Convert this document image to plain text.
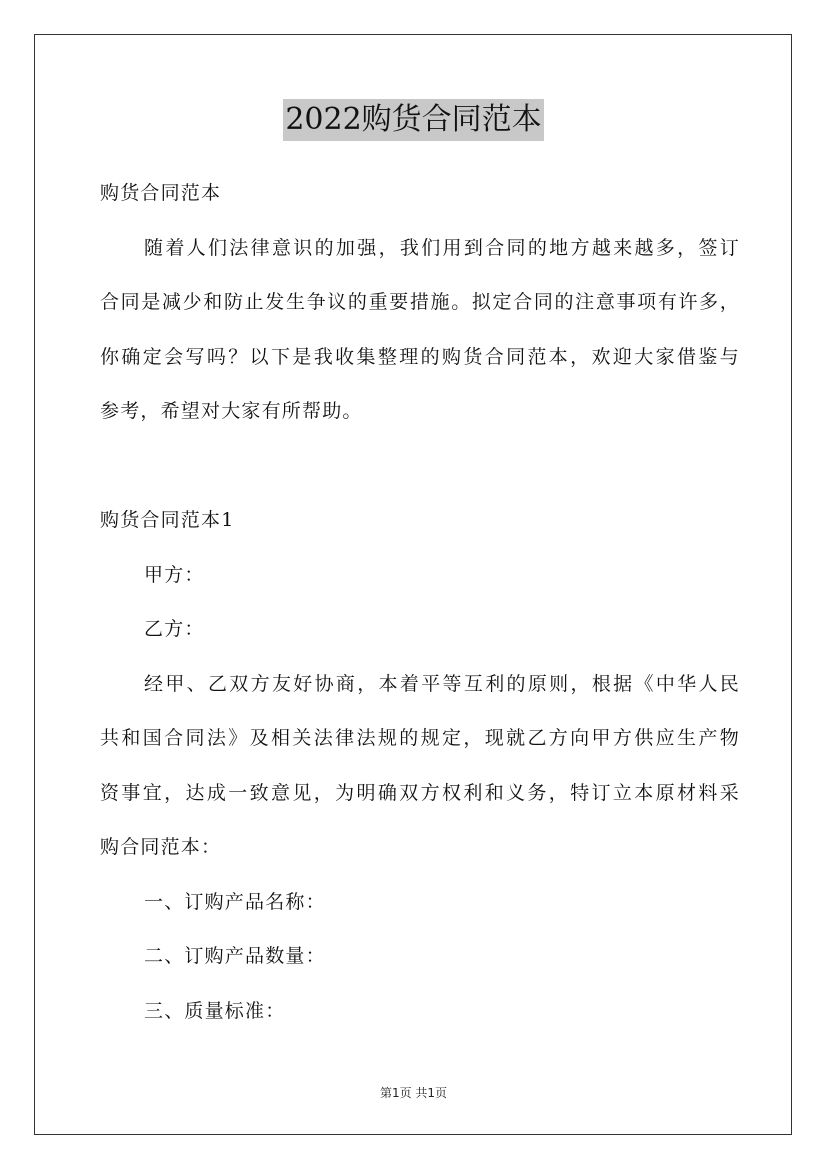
2022购货合同范本
购货合同范本
随着人们法律意识的加强，我们用到合同的地方越来越多，签订
合同是减少和防止发生争议的重要措施。拟定合同的注意事项有许多，
你确定会写吗？以下是我收集整理的购货合同范本，欢迎大家借鉴与
参考，希望对大家有所帮助。
购货合同范本1
甲方：
乙方：
经甲、乙双方友好协商，本着平等互利的原则，根据《中华人民
共和国合同法》及相关法律法规的规定，现就乙方向甲方供应生产物
资事宜，达成一致意见，为明确双方权利和义务，特订立本原材料采
购合同范本：
一、订购产品名称：
二、订购产品数量：
三、质量标准：
第1页 共1页
